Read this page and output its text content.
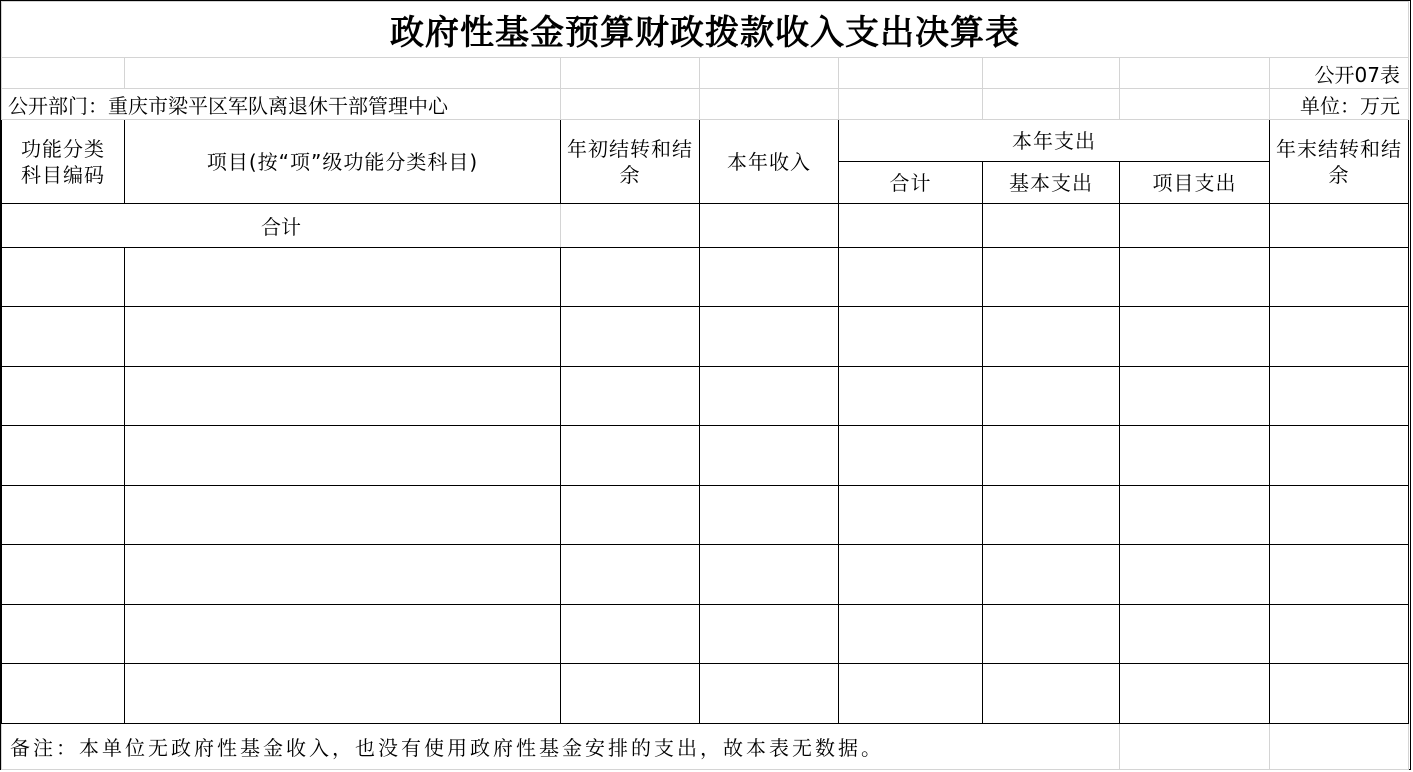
政府性基金预算财政拨款收入支出决算表							
							公开07表
公开部门：重庆市梁平区军队离退休干部管理中心							单位：万元
功能分类科目编码	项目(按“项”级功能分类科目)	年初结转和结余	本年收入	本年支出			年末结转和结余
				合计	基本支出	项目支出	
合计							

备注：本单位无政府性基金收入，也没有使用政府性基金安排的支出，故本表无数据。							
